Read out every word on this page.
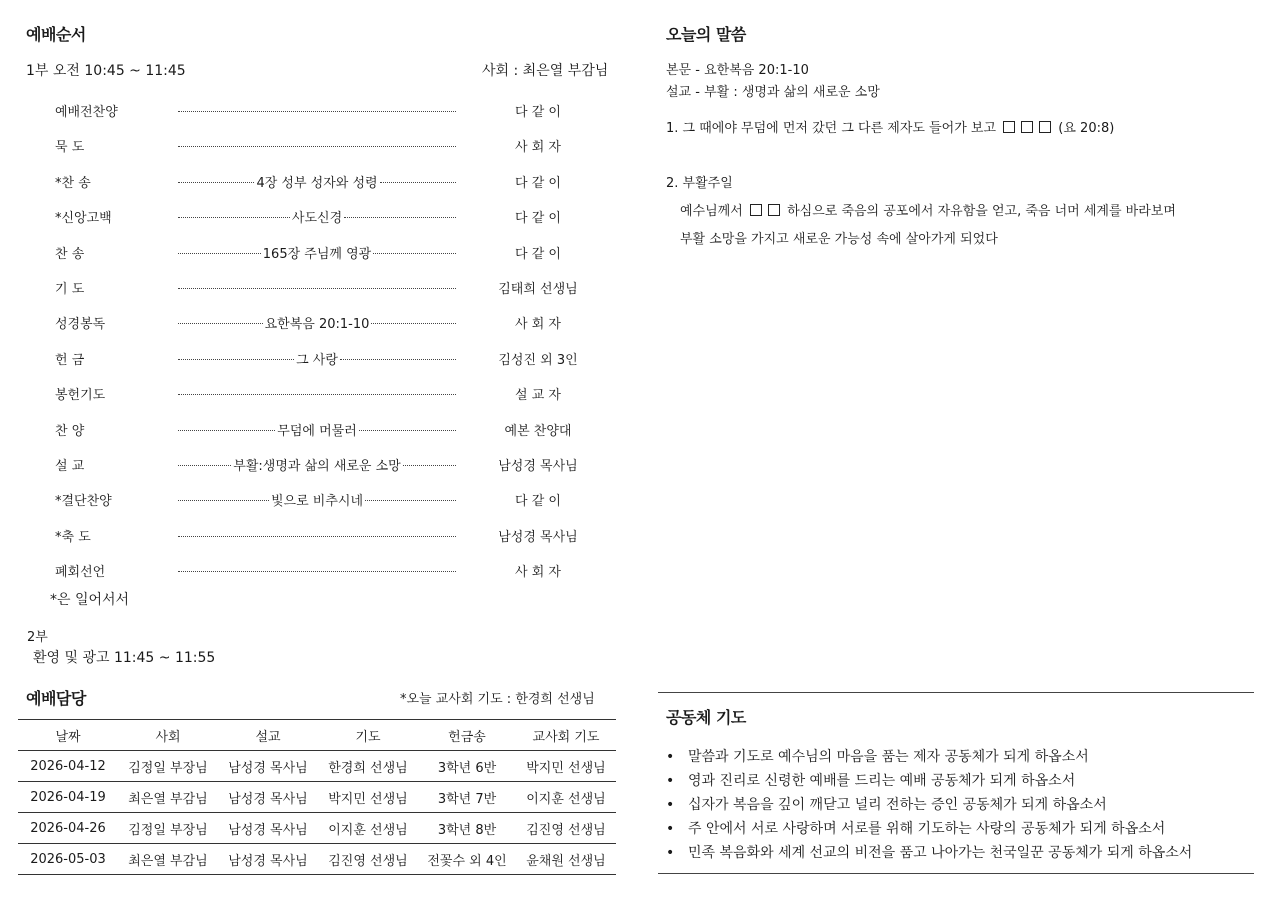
예배순서
1부 오전 10:45 ~ 11:45	사회 : 최은열 부감님
예배전찬양	다 같 이
묵 도	사 회 자
*찬 송	4장 성부 성자와 성령	다 같 이
*신앙고백	사도신경	다 같 이
찬 송	165장 주님께 영광	다 같 이
기 도	김태희 선생님
성경봉독	요한복음 20:1-10	사 회 자
헌 금	그 사랑	김성진 외 3인
봉헌기도	설 교 자
찬 양	무덤에 머물러	예본 찬양대
설 교	부활:생명과 삶의 새로운 소망	남성경 목사님
*결단찬양	빛으로 비추시네	다 같 이
*축 도	남성경 목사님
폐회선언	사 회 자
*은 일어서서
2부
환영 및 광고 11:45 ~ 11:55
예배담당	*오늘 교사회 기도 : 한경희 선생님
날짜	사회	설교	기도	헌금송	교사회 기도
2026-04-12	김정일 부장님	남성경 목사님	한경희 선생님	3학년 6반	박지민 선생님
2026-04-19	최은열 부감님	남성경 목사님	박지민 선생님	3학년 7반	이지훈 선생님
2026-04-26	김정일 부장님	남성경 목사님	이지훈 선생님	3학년 8반	김진영 선생님
2026-05-03	최은열 부감님	남성경 목사님	김진영 선생님	전꽃수 외 4인	윤채원 선생님
오늘의 말씀
본문 - 요한복음 20:1-10
설교 - 부활 : 생명과 삶의 새로운 소망
1. 그 때에야 무덤에 먼저 갔던 그 다른 제자도 들어가 보고	(요 20:8)
2. 부활주일
예수님께서	하심으로 죽음의 공포에서 자유함을 얻고, 죽음 너머 세계를 바라보며
부활 소망을 가지고 새로운 가능성 속에 살아가게 되었다
공동체 기도
• 말씀과 기도로 예수님의 마음을 품는 제자 공동체가 되게 하옵소서
• 영과 진리로 신령한 예배를 드리는 예배 공동체가 되게 하옵소서
• 십자가 복음을 깊이 깨닫고 널리 전하는 증인 공동체가 되게 하옵소서
• 주 안에서 서로 사랑하며 서로를 위해 기도하는 사랑의 공동체가 되게 하옵소서
• 민족 복음화와 세계 선교의 비전을 품고 나아가는 천국일꾼 공동체가 되게 하옵소서
